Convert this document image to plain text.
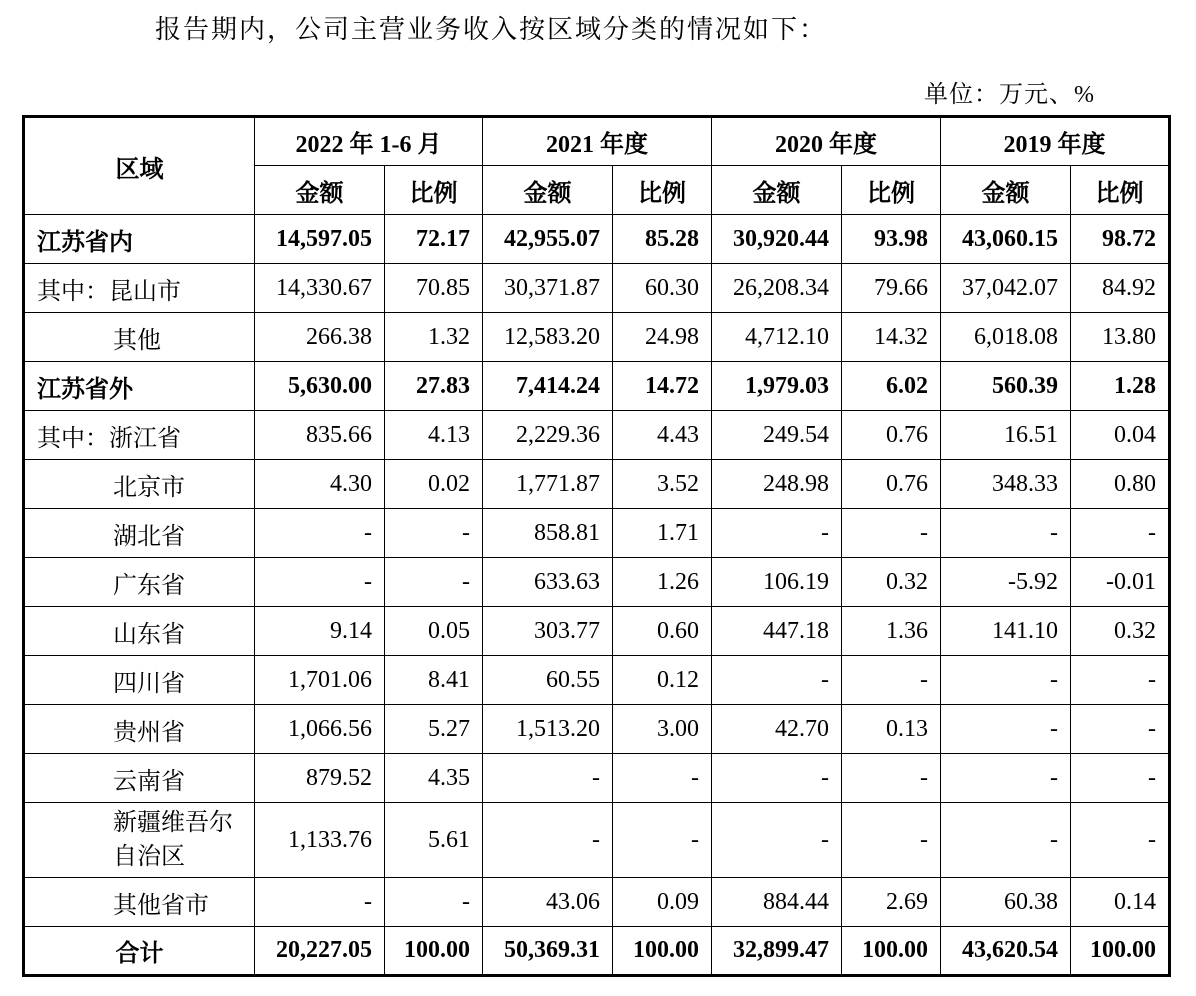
报告期内，公司主营业务收入按区域分类的情况如下：
单位：万元、%
区域	2022 年 1-6 月		2021 年度		2020 年度		2019 年度	
	金额	比例	金额	比例	金额	比例	金额	比例
江苏省内	14,597.05	72.17	42,955.07	85.28	30,920.44	93.98	43,060.15	98.72
其中：昆山市	14,330.67	70.85	30,371.87	60.30	26,208.34	79.66	37,042.07	84.92
其他	266.38	1.32	12,583.20	24.98	4,712.10	14.32	6,018.08	13.80
江苏省外	5,630.00	27.83	7,414.24	14.72	1,979.03	6.02	560.39	1.28
其中：浙江省	835.66	4.13	2,229.36	4.43	249.54	0.76	16.51	0.04
北京市	4.30	0.02	1,771.87	3.52	248.98	0.76	348.33	0.80
湖北省	-	-	858.81	1.71	-	-	-	-
广东省	-	-	633.63	1.26	106.19	0.32	-5.92	-0.01
山东省	9.14	0.05	303.77	0.60	447.18	1.36	141.10	0.32
四川省	1,701.06	8.41	60.55	0.12	-	-	-	-
贵州省	1,066.56	5.27	1,513.20	3.00	42.70	0.13	-	-
云南省	879.52	4.35	-	-	-	-	-	-
新疆维吾尔自治区	1,133.76	5.61	-	-	-	-	-	-
其他省市	-	-	43.06	0.09	884.44	2.69	60.38	0.14
合计	20,227.05	100.00	50,369.31	100.00	32,899.47	100.00	43,620.54	100.00
